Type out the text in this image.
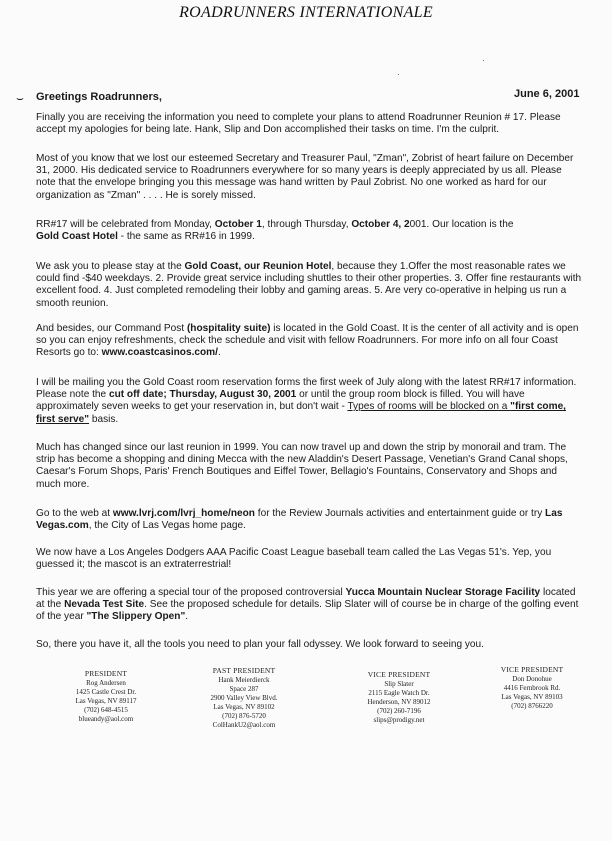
ROADRUNNERS INTERNATIONALE
·
·
⌣ Greetings Roadrunners,	June 6, 2001
Finally you are receiving the information you need to complete your plans to attend Roadrunner Reunion # 17. Please accept my apologies for being late. Hank, Slip and Don accomplished their tasks on time. I'm the culprit.
Most of you know that we lost our esteemed Secretary and Treasurer Paul, "Zman", Zobrist of heart failure on December 31, 2000. His dedicated service to Roadrunners everywhere for so many years is deeply appreciated by us all. Please note that the envelope bringing you this message was hand written by Paul Zobrist. No one worked as hard for our organization as "Zman" . . . . He is sorely missed.
RR#17 will be celebrated from Monday, October 1, through Thursday, October 4, 2001. Our location is the
Gold Coast Hotel - the same as RR#16 in 1999.
We ask you to please stay at the Gold Coast, our Reunion Hotel, because they 1.Offer the most reasonable rates we could find -$40 weekdays. 2. Provide great service including shuttles to their other properties. 3. Offer fine restaurants with excellent food. 4. Just completed remodeling their lobby and gaming areas. 5. Are very co-operative in helping us run a smooth reunion.
And besides, our Command Post (hospitality suite) is located in the Gold Coast. It is the center of all activity and is open so you can enjoy refreshments, check the schedule and visit with fellow Roadrunners. For more info on all four Coast Resorts go to: www.coastcasinos.com/.
I will be mailing you the Gold Coast room reservation forms the first week of July along with the latest RR#17 information. Please note the cut off date; Thursday, August 30, 2001 or until the group room block is filled. You will have approximately seven weeks to get your reservation in, but don't wait - Types of rooms will be blocked on a "first come, first serve" basis.
Much has changed since our last reunion in 1999. You can now travel up and down the strip by monorail and tram. The strip has become a shopping and dining Mecca with the new Aladdin's Desert Passage, Venetian's Grand Canal shops, Caesar's Forum Shops, Paris' French Boutiques and Eiffel Tower, Bellagio's Fountains, Conservatory and Shops and much more.
Go to the web at www.lvrj.com/lvrj_home/neon for the Review Journals activities and entertainment guide or try Las Vegas.com, the City of Las Vegas home page.
We now have a Los Angeles Dodgers AAA Pacific Coast League baseball team called the Las Vegas 51's. Yep, you guessed it; the mascot is an extraterrestrial!
This year we are offering a special tour of the proposed controversial Yucca Mountain Nuclear Storage Facility located at the Nevada Test Site. See the proposed schedule for details. Slip Slater will of course be in charge of the golfing event of the year "The Slippery Open".
So, there you have it, all the tools you need to plan your fall odyssey. We look forward to seeing you.
PRESIDENT
Rog Andersen
1425 Castle Crest Dr.
Las Vegas, NV 89117
(702) 648-4515
blueandy@aol.com
PAST PRESIDENT
Hank Meierdierck
Space 287
2900 Valley View Blvd.
Las Vegas, NV 89102
(702) 876-5720
ColHankU2@aol.com
VICE PRESIDENT
Slip Slater
2115 Eagle Watch Dr.
Henderson, NV 89012
(702) 260-7196
slips@prodigy.net
VICE PRESIDENT
Don Donohue
4416 Fernbrook Rd.
Las Vegas, NV 89103
(702) 8766220
